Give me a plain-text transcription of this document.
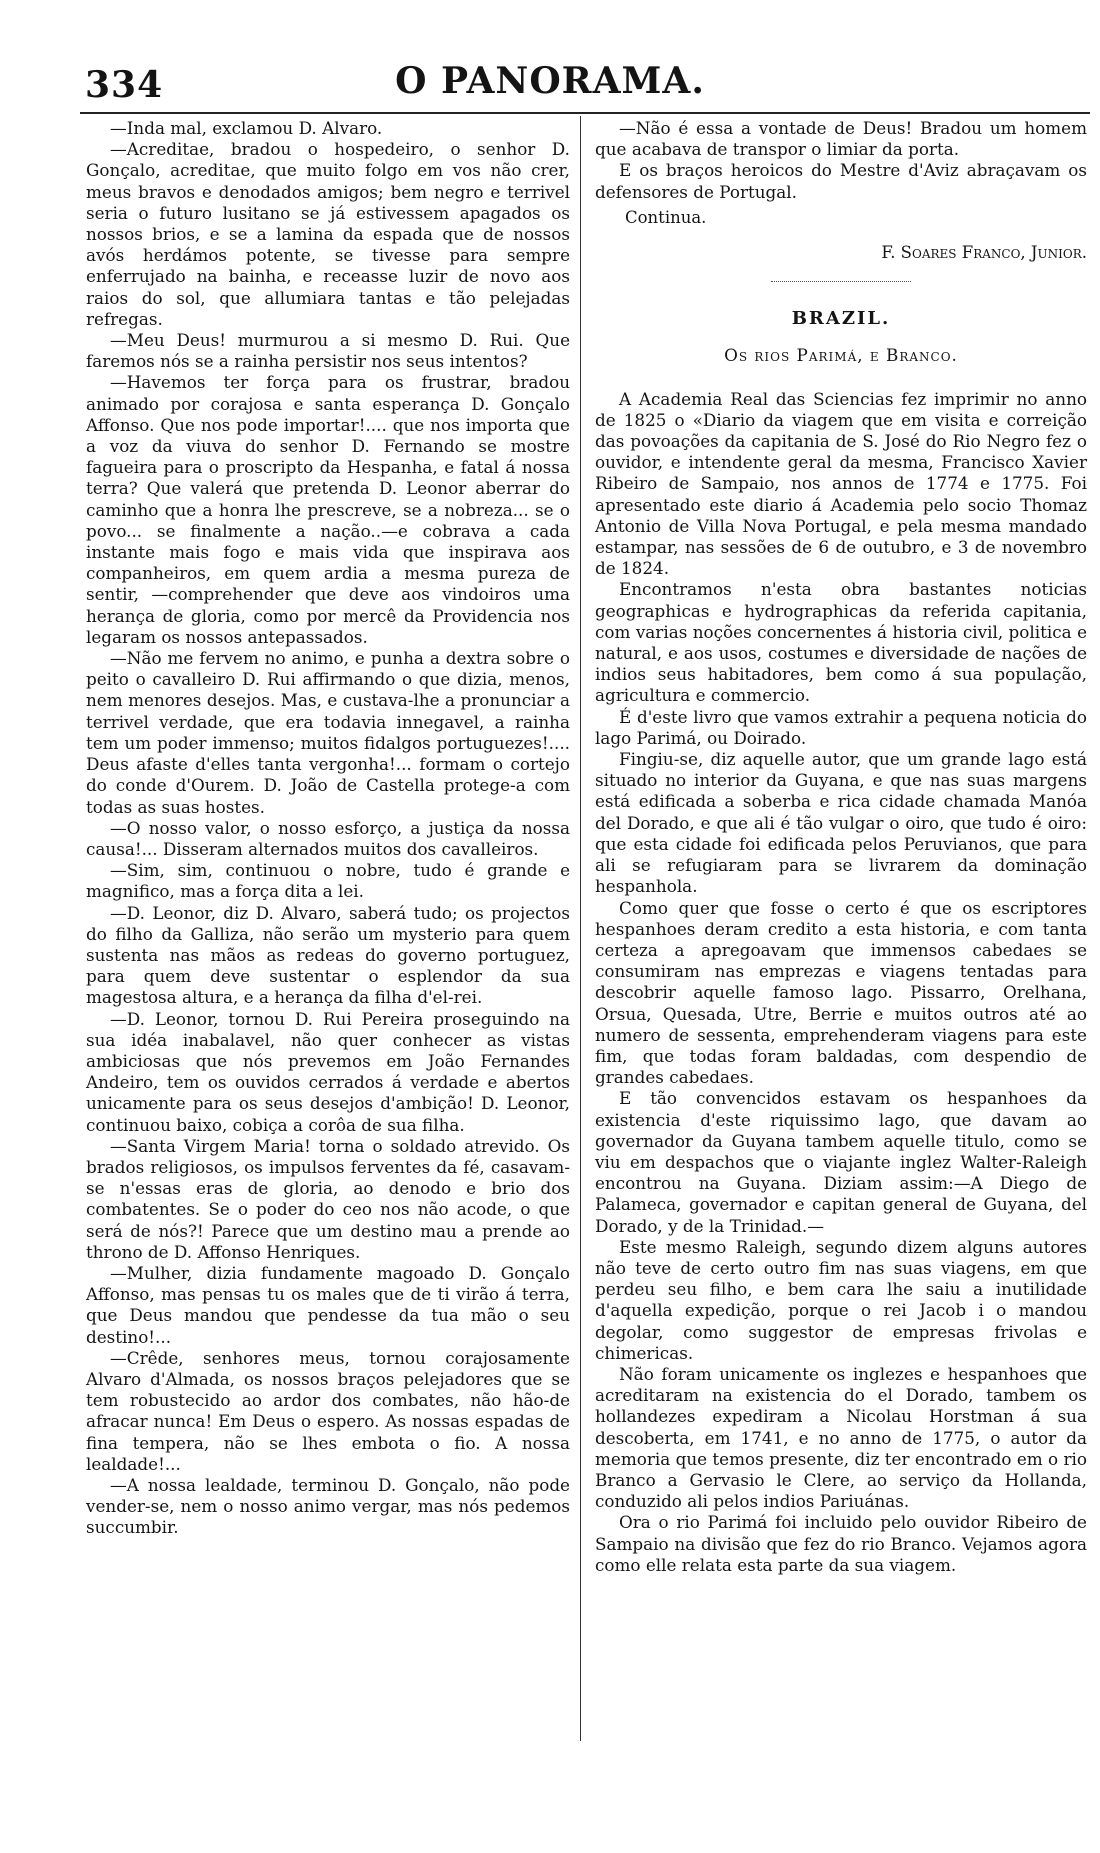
334	O PANORAMA.

—Inda mal, exclamou D. Alvaro.

—Acreditae, bradou o hospedeiro, o senhor D. Gonçalo, acreditae, que muito folgo em vos não crer, meus bravos e denodados amigos; bem negro e terrivel seria o futuro lusitano se já estivessem apagados os nossos brios, e se a lamina da espada que de nossos avós herdámos potente, se tivesse para sempre enferrujado na bainha, e receasse luzir de novo aos raios do sol, que allumiara tantas e tão pelejadas refregas.

—Meu Deus! murmurou a si mesmo D. Rui. Que faremos nós se a rainha persistir nos seus intentos?

—Havemos ter força para os frustrar, bradou animado por corajosa e santa esperança D. Gonçalo Affonso. Que nos pode importar!.... que nos importa que a voz da viuva do senhor D. Fernando se mostre fagueira para o proscripto da Hespanha, e fatal á nossa terra? Que valerá que pretenda D. Leonor aberrar do caminho que a honra lhe prescreve, se a nobreza... se o povo... se finalmente a nação..—e cobrava a cada instante mais fogo e mais vida que inspirava aos companheiros, em quem ardia a mesma pureza de sentir, —comprehender que deve aos vindoiros uma herança de gloria, como por mercê da Providencia nos legaram os nossos antepassados.

—Não me fervem no animo, e punha a dextra sobre o peito o cavalleiro D. Rui affirmando o que dizia, menos, nem menores desejos. Mas, e custava-lhe a pronunciar a terrivel verdade, que era todavia innegavel, a rainha tem um poder immenso; muitos fidalgos portuguezes!.... Deus afaste d'elles tanta vergonha!... formam o cortejo do conde d'Ourem. D. João de Castella protege-a com todas as suas hostes.

—O nosso valor, o nosso esforço, a justiça da nossa causa!... Disseram alternados muitos dos cavalleiros.

—Sim, sim, continuou o nobre, tudo é grande e magnifico, mas a força dita a lei.

—D. Leonor, diz D. Alvaro, saberá tudo; os projectos do filho da Galliza, não serão um mysterio para quem sustenta nas mãos as redeas do governo portuguez, para quem deve sustentar o esplendor da sua magestosa altura, e a herança da filha d'el-rei.

—D. Leonor, tornou D. Rui Pereira proseguindo na sua idéa inabalavel, não quer conhecer as vistas ambiciosas que nós prevemos em João Fernandes Andeiro, tem os ouvidos cerrados á verdade e abertos unicamente para os seus desejos d'ambição! D. Leonor, continuou baixo, cobiça a corôa de sua filha.

—Santa Virgem Maria! torna o soldado atrevido. Os brados religiosos, os impulsos ferventes da fé, casavam-se n'essas eras de gloria, ao denodo e brio dos combatentes. Se o poder do ceo nos não acode, o que será de nós?! Parece que um destino mau a prende ao throno de D. Affonso Henriques.

—Mulher, dizia fundamente magoado D. Gonçalo Affonso, mas pensas tu os males que de ti virão á terra, que Deus mandou que pendesse da tua mão o seu destino!...

—Crêde, senhores meus, tornou corajosamente Alvaro d'Almada, os nossos braços pelejadores que se tem robustecido ao ardor dos combates, não hão-de afracar nunca! Em Deus o espero. As nossas espadas de fina tempera, não se lhes embota o fio. A nossa lealdade!...

—A nossa lealdade, terminou D. Gonçalo, não pode vender-se, nem o nosso animo vergar, mas nós pedemos succumbir.

—Não é essa a vontade de Deus! Bradou um homem que acabava de transpor o limiar da porta.

E os braços heroicos do Mestre d'Aviz abraçavam os defensores de Portugal.

Continua.
F. Soares Franco, Junior.
BRAZIL.
Os rios Parimá, e Branco.

A Academia Real das Sciencias fez imprimir no anno de 1825 o «Diario da viagem que em visita e correição das povoações da capitania de S. José do Rio Negro fez o ouvidor, e intendente geral da mesma, Francisco Xavier Ribeiro de Sampaio, nos annos de 1774 e 1775. Foi apresentado este diario á Academia pelo socio Thomaz Antonio de Villa Nova Portugal, e pela mesma mandado estampar, nas sessões de 6 de outubro, e 3 de novembro de 1824.

Encontramos n'esta obra bastantes noticias geographicas e hydrographicas da referida capitania, com varias noções concernentes á historia civil, politica e natural, e aos usos, costumes e diversidade de nações de indios seus habitadores, bem como á sua população, agricultura e commercio.

É d'este livro que vamos extrahir a pequena noticia do lago Parimá, ou Doirado.

Fingiu-se, diz aquelle autor, que um grande lago está situado no interior da Guyana, e que nas suas margens está edificada a soberba e rica cidade chamada Manóa del Dorado, e que ali é tão vulgar o oiro, que tudo é oiro: que esta cidade foi edificada pelos Peruvianos, que para ali se refugiaram para se livrarem da dominação hespanhola.

Como quer que fosse o certo é que os escriptores hespanhoes deram credito a esta historia, e com tanta certeza a apregoavam que immensos cabedaes se consumiram nas emprezas e viagens tentadas para descobrir aquelle famoso lago. Pissarro, Orelhana, Orsua, Quesada, Utre, Berrie e muitos outros até ao numero de sessenta, emprehenderam viagens para este fim, que todas foram baldadas, com despendio de grandes cabedaes.

E tão convencidos estavam os hespanhoes da existencia d'este riquissimo lago, que davam ao governador da Guyana tambem aquelle titulo, como se viu em despachos que o viajante inglez Walter-Raleigh encontrou na Guyana. Diziam assim:—A Diego de Palameca, governador e capitan general de Guyana, del Dorado, y de la Trinidad.—

Este mesmo Raleigh, segundo dizem alguns autores não teve de certo outro fim nas suas viagens, em que perdeu seu filho, e bem cara lhe saiu a inutilidade d'aquella expedição, porque o rei Jacob i o mandou degolar, como suggestor de empresas frivolas e chimericas.

Não foram unicamente os inglezes e hespanhoes que acreditaram na existencia do el Dorado, tambem os hollandezes expediram a Nicolau Horstman á sua descoberta, em 1741, e no anno de 1775, o autor da memoria que temos presente, diz ter encontrado em o rio Branco a Gervasio le Clere, ao serviço da Hollanda, conduzido ali pelos indios Pariuánas.

Ora o rio Parimá foi incluido pelo ouvidor Ribeiro de Sampaio na divisão que fez do rio Branco. Vejamos agora como elle relata esta parte da sua viagem.
